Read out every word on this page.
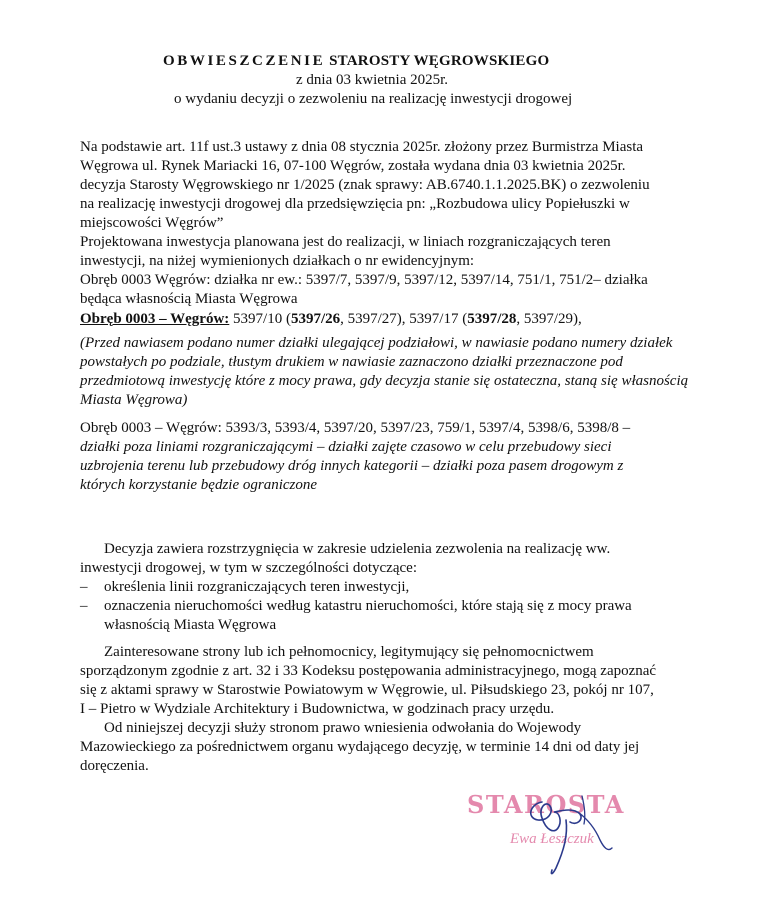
OBWIESZCZENIE STAROSTY WĘGROWSKIEGO
z dnia 03 kwietnia 2025r.
o wydaniu decyzji o zezwoleniu na realizację inwestycji drogowej
Na podstawie art. 11f ust.3 ustawy z dnia 08 stycznia 2025r. złożony przez Burmistrza Miasta
Węgrowa ul. Rynek Mariacki 16, 07-100 Węgrów, została wydana dnia 03 kwietnia 2025r.
decyzja Starosty Węgrowskiego nr 1/2025 (znak sprawy: AB.6740.1.1.2025.BK) o zezwoleniu
na realizację inwestycji drogowej dla przedsięwzięcia pn: „Rozbudowa ulicy Popiełuszki w
miejscowości Węgrów”
Projektowana inwestycja planowana jest do realizacji, w liniach rozgraniczających teren
inwestycji, na niżej wymienionych działkach o nr ewidencyjnym:
Obręb 0003 Węgrów: działka nr ew.: 5397/7, 5397/9, 5397/12, 5397/14, 751/1, 751/2– działka
będąca własnością Miasta Węgrowa
Obręb 0003 – Węgrów: 5397/10 (5397/26, 5397/27), 5397/17 (5397/28, 5397/29),
(Przed nawiasem podano numer działki ulegającej podziałowi, w nawiasie podano numery działek
powstałych po podziale, tłustym drukiem w nawiasie zaznaczono działki przeznaczone pod
przedmiotową inwestycję które z mocy prawa, gdy decyzja stanie się ostateczna, staną się własnością
Miasta Węgrowa)
Obręb 0003 – Węgrów: 5393/3, 5393/4, 5397/20, 5397/23, 759/1, 5397/4, 5398/6, 5398/8 –
działki poza liniami rozgraniczającymi – działki zajęte czasowo w celu przebudowy sieci
uzbrojenia terenu lub przebudowy dróg innych kategorii – działki poza pasem drogowym z
których korzystanie będzie ograniczone
Decyzja zawiera rozstrzygnięcia w zakresie udzielenia zezwolenia na realizację ww.
inwestycji drogowej, w tym w szczególności dotyczące:
– określenia linii rozgraniczających teren inwestycji,
– oznaczenia nieruchomości według katastru nieruchomości, które stają się z mocy prawa
własnością Miasta Węgrowa
Zainteresowane strony lub ich pełnomocnicy, legitymujący się pełnomocnictwem
sporządzonym zgodnie z art. 32 i 33 Kodeksu postępowania administracyjnego, mogą zapoznać
się z aktami sprawy w Starostwie Powiatowym w Węgrowie, ul. Piłsudskiego 23, pokój nr 107,
I – Pietro w Wydziale Architektury i Budownictwa, w godzinach pracy urzędu.
Od niniejszej decyzji służy stronom prawo wniesienia odwołania do Wojewody
Mazowieckiego za pośrednictwem organu wydającego decyzję, w terminie 14 dni od daty jej
doręczenia.
STAROSTA
Ewa Łeszczuk
